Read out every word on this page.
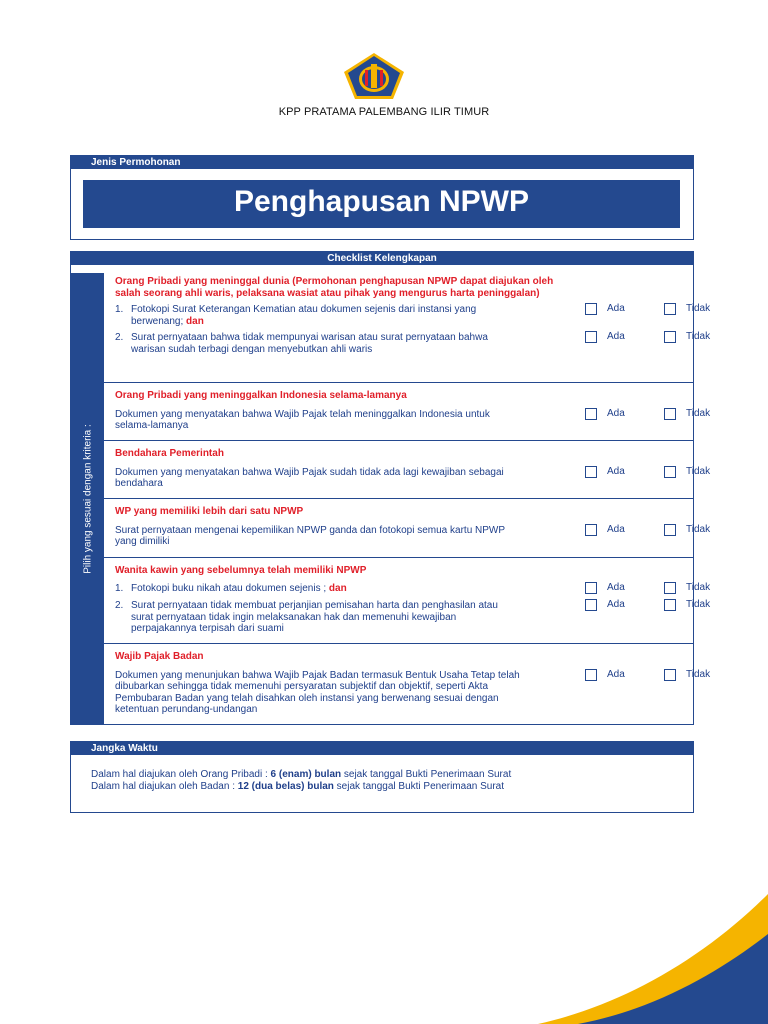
KPP PRATAMA PALEMBANG ILIR TIMUR
Jenis Permohonan
Penghapusan NPWP
Checklist Kelengkapan
Pilih yang sesuai dengan kriteria :
Orang Pribadi yang meninggal dunia (Permohonan penghapusan NPWP dapat diajukan oleh salah seorang ahli waris, pelaksana wasiat atau pihak yang mengurus harta peninggalan)
1. Fotokopi Surat Keterangan Kematian atau dokumen sejenis dari instansi yang berwenang; dan
Ada	Tidak
2. Surat pernyataan bahwa tidak mempunyai warisan atau surat pernyataan bahwa warisan sudah terbagi dengan menyebutkan ahli waris
Ada	Tidak
Orang Pribadi yang meninggalkan Indonesia selama-lamanya
Dokumen yang menyatakan bahwa Wajib Pajak telah meninggalkan Indonesia untuk selama-lamanya
Ada	Tidak
Bendahara Pemerintah
Dokumen yang menyatakan bahwa Wajib Pajak sudah tidak ada lagi kewajiban sebagai bendahara
Ada	Tidak
WP yang memiliki lebih dari satu NPWP
Surat pernyataan mengenai kepemilikan NPWP ganda dan fotokopi semua kartu NPWP yang dimiliki
Ada	Tidak
Wanita kawin yang sebelumnya telah memiliki NPWP
1. Fotokopi buku nikah atau dokumen sejenis ; dan	Ada	Tidak
2. Surat pernyataan tidak membuat perjanjian pemisahan harta dan penghasilan atau surat pernyataan tidak ingin melaksanakan hak dan memenuhi kewajiban perpajakannya terpisah dari suami
Ada	Tidak
Wajib Pajak Badan
Dokumen yang menunjukan bahwa Wajib Pajak Badan termasuk Bentuk Usaha Tetap telah dibubarkan sehingga tidak memenuhi persyaratan subjektif dan objektif, seperti Akta Pembubaran Badan yang telah disahkan oleh instansi yang berwenang sesuai dengan ketentuan perundang-undangan
Ada	Tidak
Jangka Waktu
Dalam hal diajukan oleh Orang Pribadi : 6 (enam) bulan sejak tanggal Bukti Penerimaan Surat
Dalam hal diajukan oleh Badan : 12 (dua belas) bulan sejak tanggal Bukti Penerimaan Surat
